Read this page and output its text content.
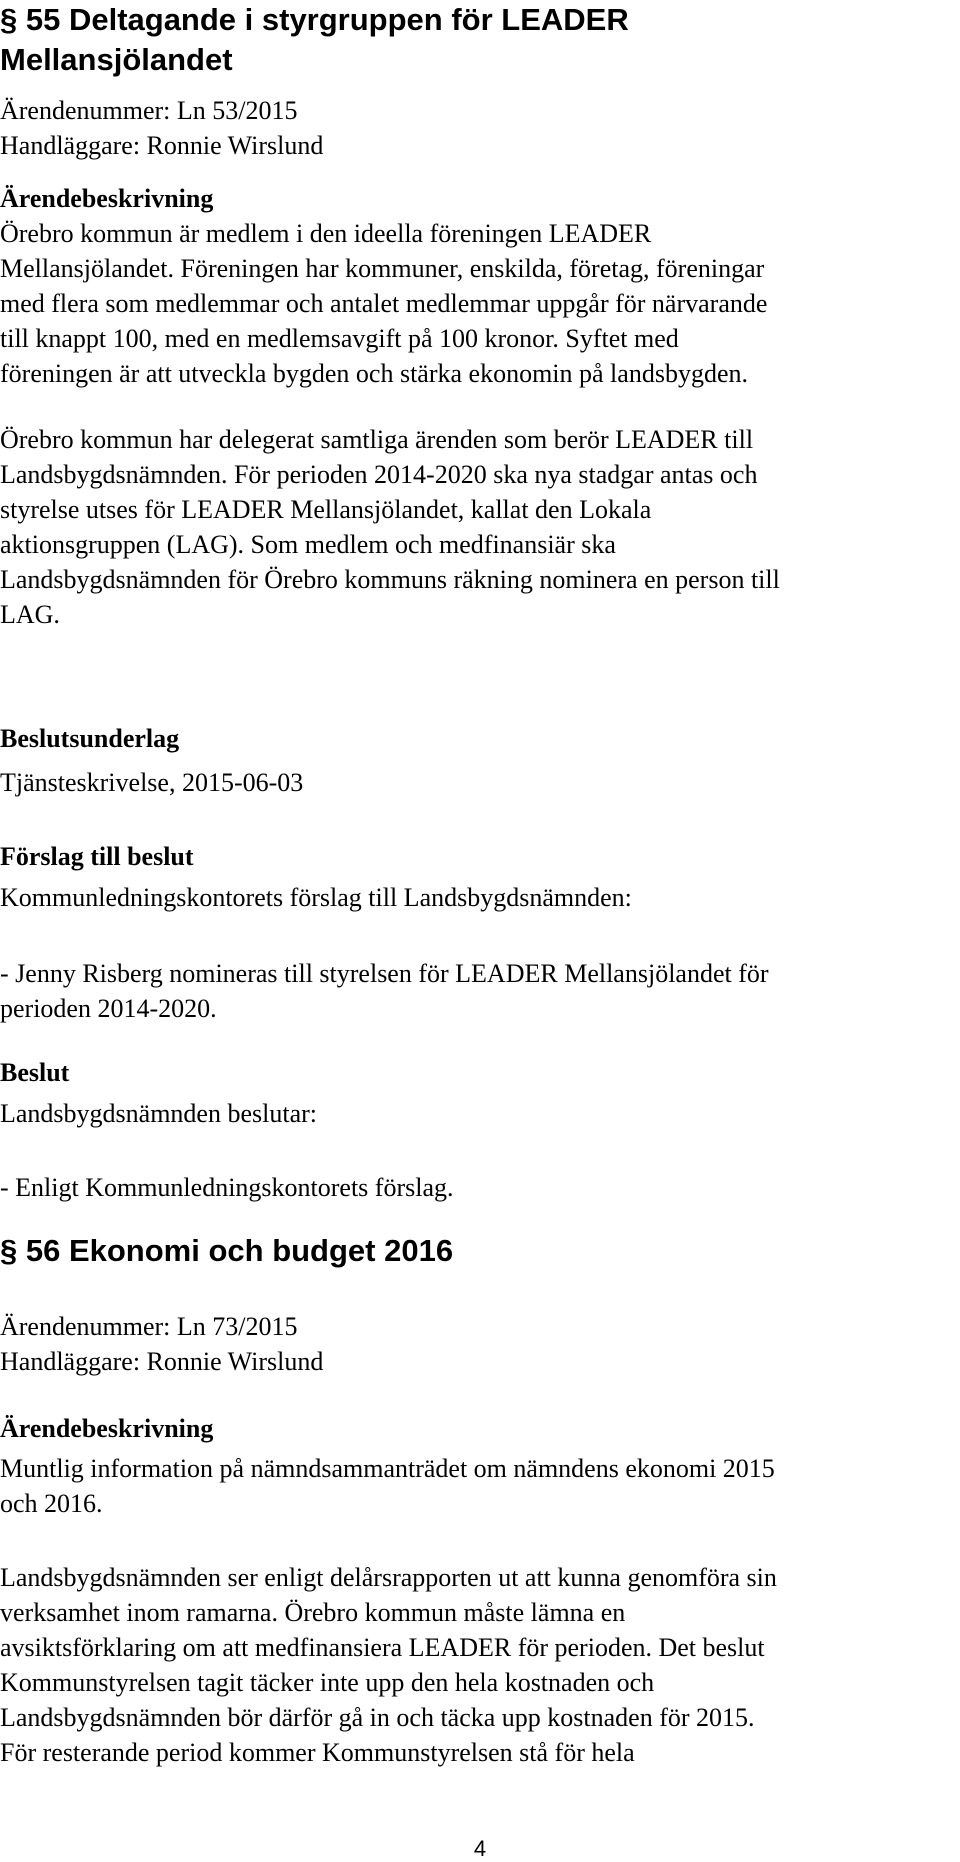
§ 55 Deltagande i styrgruppen för LEADER
Mellansjölandet
Ärendenummer: Ln 53/2015
Handläggare: Ronnie Wirslund
Ärendebeskrivning
Örebro kommun är medlem i den ideella föreningen LEADER
Mellansjölandet. Föreningen har kommuner, enskilda, företag, föreningar
med flera som medlemmar och antalet medlemmar uppgår för närvarande
till knappt 100, med en medlemsavgift på 100 kronor. Syftet med
föreningen är att utveckla bygden och stärka ekonomin på landsbygden.
Örebro kommun har delegerat samtliga ärenden som berör LEADER till
Landsbygdsnämnden. För perioden 2014-2020 ska nya stadgar antas och
styrelse utses för LEADER Mellansjölandet, kallat den Lokala
aktionsgruppen (LAG). Som medlem och medfinansiär ska
Landsbygdsnämnden för Örebro kommuns räkning nominera en person till
LAG.
Beslutsunderlag
Tjänsteskrivelse, 2015-06-03
Förslag till beslut
Kommunledningskontorets förslag till Landsbygdsnämnden:
- Jenny Risberg nomineras till styrelsen för LEADER Mellansjölandet för
perioden 2014-2020.
Beslut
Landsbygdsnämnden beslutar:
- Enligt Kommunledningskontorets förslag.
§ 56 Ekonomi och budget 2016
Ärendenummer: Ln 73/2015
Handläggare: Ronnie Wirslund
Ärendebeskrivning
Muntlig information på nämndsammanträdet om nämndens ekonomi 2015
och 2016.
Landsbygdsnämnden ser enligt delårsrapporten ut att kunna genomföra sin
verksamhet inom ramarna. Örebro kommun måste lämna en
avsiktsförklaring om att medfinansiera LEADER för perioden. Det beslut
Kommunstyrelsen tagit täcker inte upp den hela kostnaden och
Landsbygdsnämnden bör därför gå in och täcka upp kostnaden för 2015.
För resterande period kommer Kommunstyrelsen stå för hela
4
